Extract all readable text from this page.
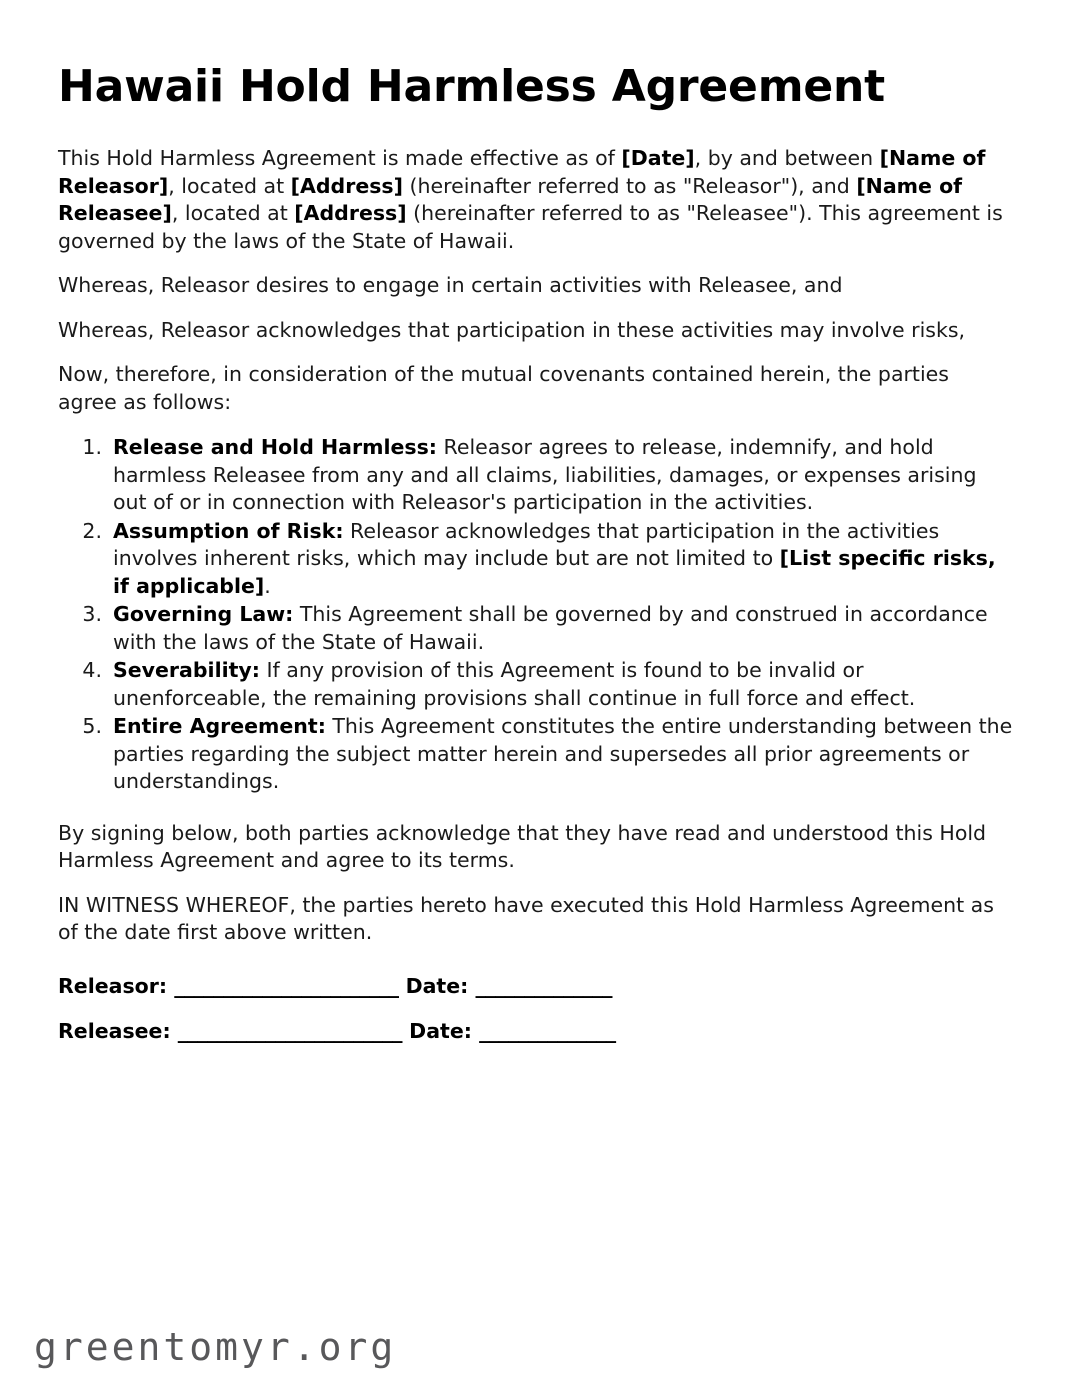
Hawaii Hold Harmless Agreement

This Hold Harmless Agreement is made effective as of [Date], by and between [Name of Releasor], located at [Address] (hereinafter referred to as "Releasor"), and [Name of Releasee], located at [Address] (hereinafter referred to as "Releasee"). This agreement is governed by the laws of the State of Hawaii.

Whereas, Releasor desires to engage in certain activities with Releasee, and

Whereas, Releasor acknowledges that participation in these activities may involve risks,

Now, therefore, in consideration of the mutual covenants contained herein, the parties agree as follows:

Release and Hold Harmless: Releasor agrees to release, indemnify, and hold harmless Releasee from any and all claims, liabilities, damages, or expenses arising out of or in connection with Releasor's participation in the activities.
Assumption of Risk: Releasor acknowledges that participation in the activities involves inherent risks, which may include but are not limited to [List specific risks, if applicable].
Governing Law: This Agreement shall be governed by and construed in accordance with the laws of the State of Hawaii.
Severability: If any provision of this Agreement is found to be invalid or unenforceable, the remaining provisions shall continue in full force and effect.
Entire Agreement: This Agreement constitutes the entire understanding between the parties regarding the subject matter herein and supersedes all prior agreements or understandings.

By signing below, both parties acknowledge that they have read and understood this Hold Harmless Agreement and agree to its terms.

IN WITNESS WHEREOF, the parties hereto have executed this Hold Harmless Agreement as of the date first above written.

Releasor: _______________________ Date: ______________
Releasee: _______________________ Date: ______________
greentomyr.org
